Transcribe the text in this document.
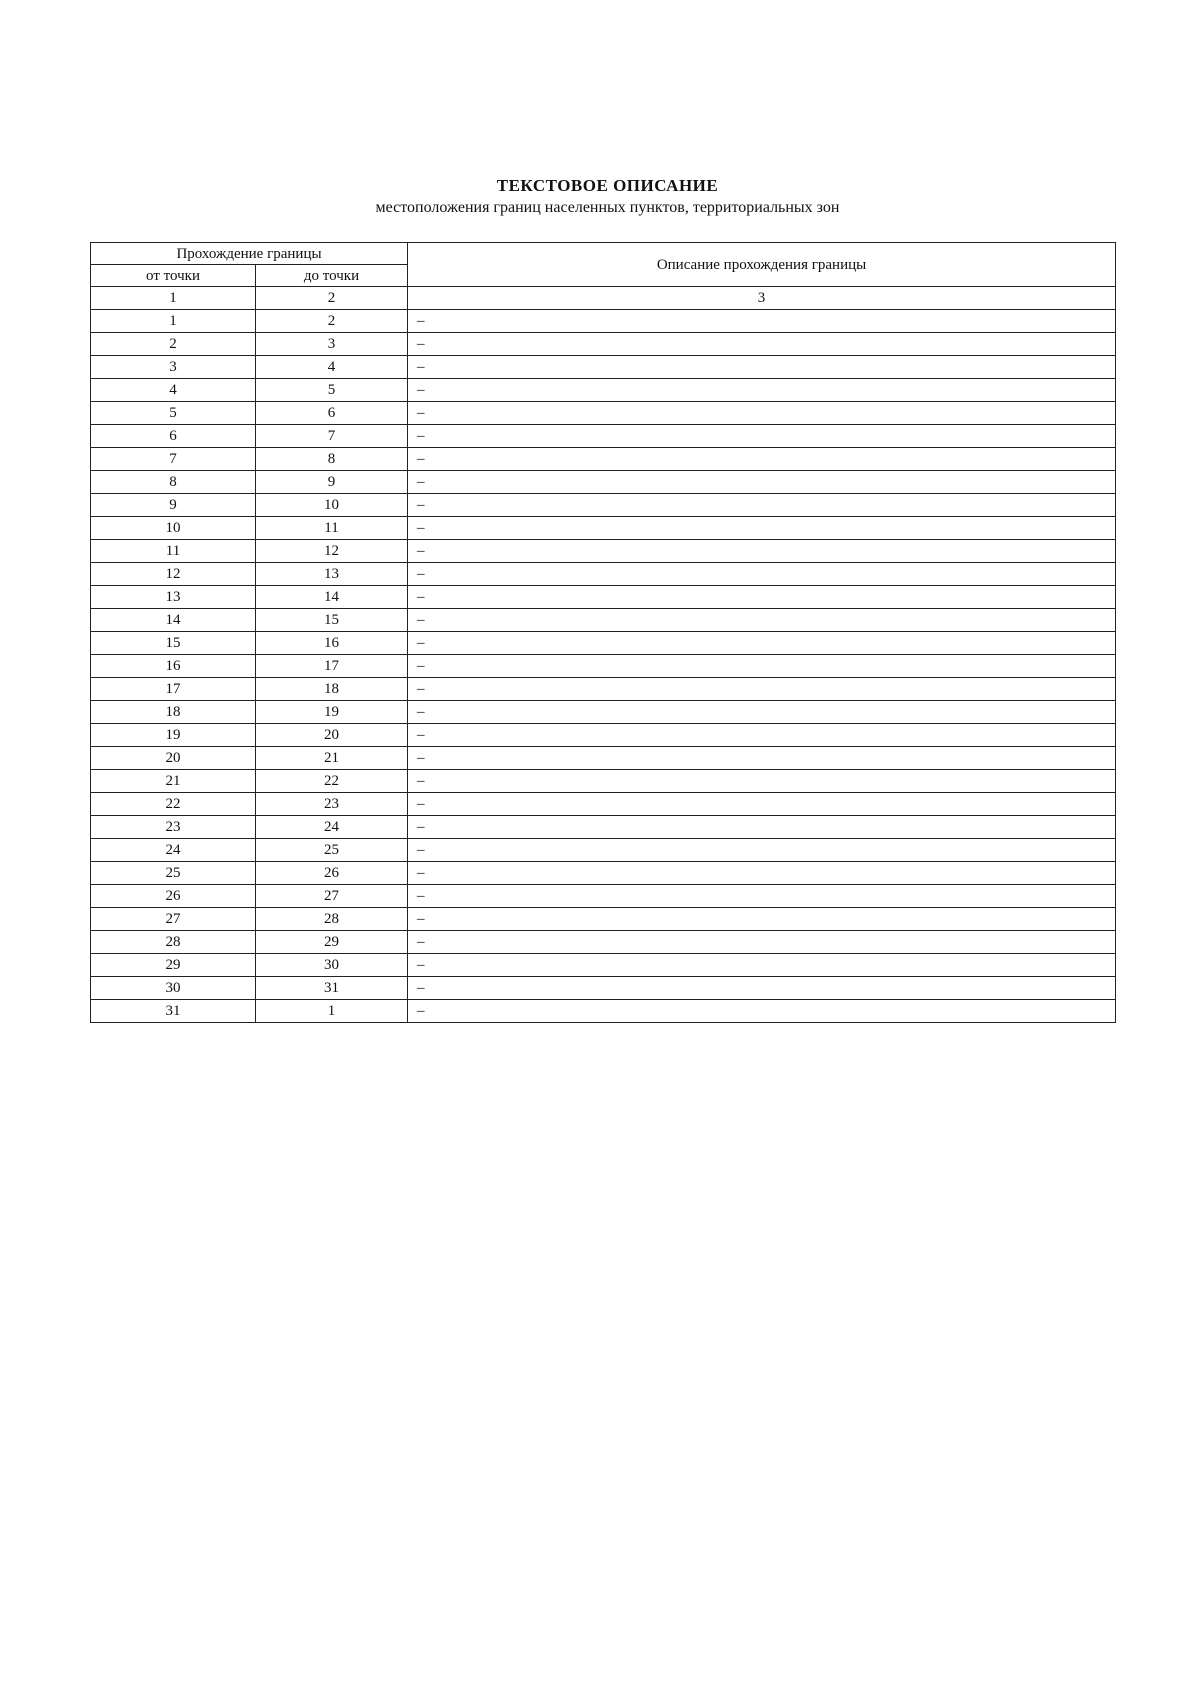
ТЕКСТОВОЕ ОПИСАНИЕ
местоположения границ населенных пунктов, территориальных зон
Прохождение границы		Описание прохождения границы
от точки	до точки	
1	2	3
1	2	–
2	3	–
3	4	–
4	5	–
5	6	–
6	7	–
7	8	–
8	9	–
9	10	–
10	11	–
11	12	–
12	13	–
13	14	–
14	15	–
15	16	–
16	17	–
17	18	–
18	19	–
19	20	–
20	21	–
21	22	–
22	23	–
23	24	–
24	25	–
25	26	–
26	27	–
27	28	–
28	29	–
29	30	–
30	31	–
31	1	–
